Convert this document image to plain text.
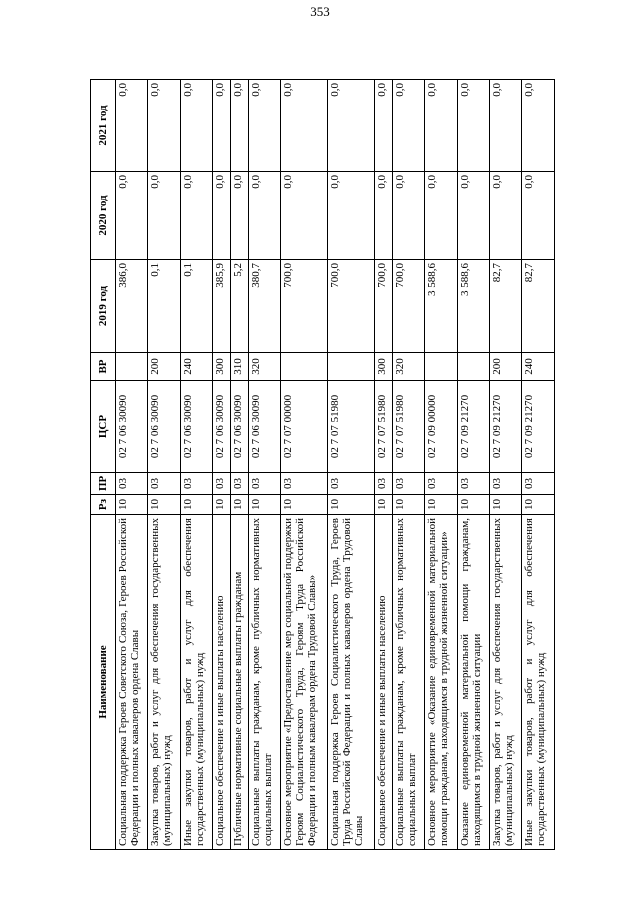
353
Наименование	Рз	ПР	ЦСР	ВР	2019 год	2020 год	2021 год
Социальная поддержка Героев Советского Союза, Героев Российской Федерации и полных кавалеров ордена Славы	10	03	02 7 06 30090		386,0	0,0	0,0
Закупка товаров, работ и услуг для обеспечения государственных (муниципальных) нужд	10	03	02 7 06 30090	200	0,1	0,0	0,0
Иные закупки товаров, работ и услуг для обеспечения государственных (муниципальных) нужд	10	03	02 7 06 30090	240	0,1	0,0	0,0
Социальное обеспечение и иные выплаты населению	10	03	02 7 06 30090	300	385,9	0,0	0,0
Публичные нормативные социальные выплаты гражданам	10	03	02 7 06 30090	310	5,2	0,0	0,0
Социальные выплаты гражданам, кроме публичных нормативных социальных выплат	10	03	02 7 06 30090	320	380,7	0,0	0,0
Основное мероприятие «Предоставление мер социальной поддержки Героям Социалистического Труда, Героям Труда Российской Федерации и полным кавалерам ордена Трудовой Славы»	10	03	02 7 07 00000		700,0	0,0	0,0
Социальная поддержка Героев Социалистического Труда, Героев Труда Российской Федерации и полных кавалеров ордена Трудовой Славы	10	03	02 7 07 51980		700,0	0,0	0,0
Социальное обеспечение и иные выплаты населению	10	03	02 7 07 51980	300	700,0	0,0	0,0
Социальные выплаты гражданам, кроме публичных нормативных социальных выплат	10	03	02 7 07 51980	320	700,0	0,0	0,0
Основное мероприятие «Оказание единовременной материальной помощи гражданам, находящимся в трудной жизненной ситуации»	10	03	02 7 09 00000		3 588,6	0,0	0,0
Оказание единовременной материальной помощи гражданам, находящимся в трудной жизненной ситуации	10	03	02 7 09 21270		3 588,6	0,0	0,0
Закупка товаров, работ и услуг для обеспечения государственных (муниципальных) нужд	10	03	02 7 09 21270	200	82,7	0,0	0,0
Иные закупки товаров, работ и услуг для обеспечения государственных (муниципальных) нужд	10	03	02 7 09 21270	240	82,7	0,0	0,0
